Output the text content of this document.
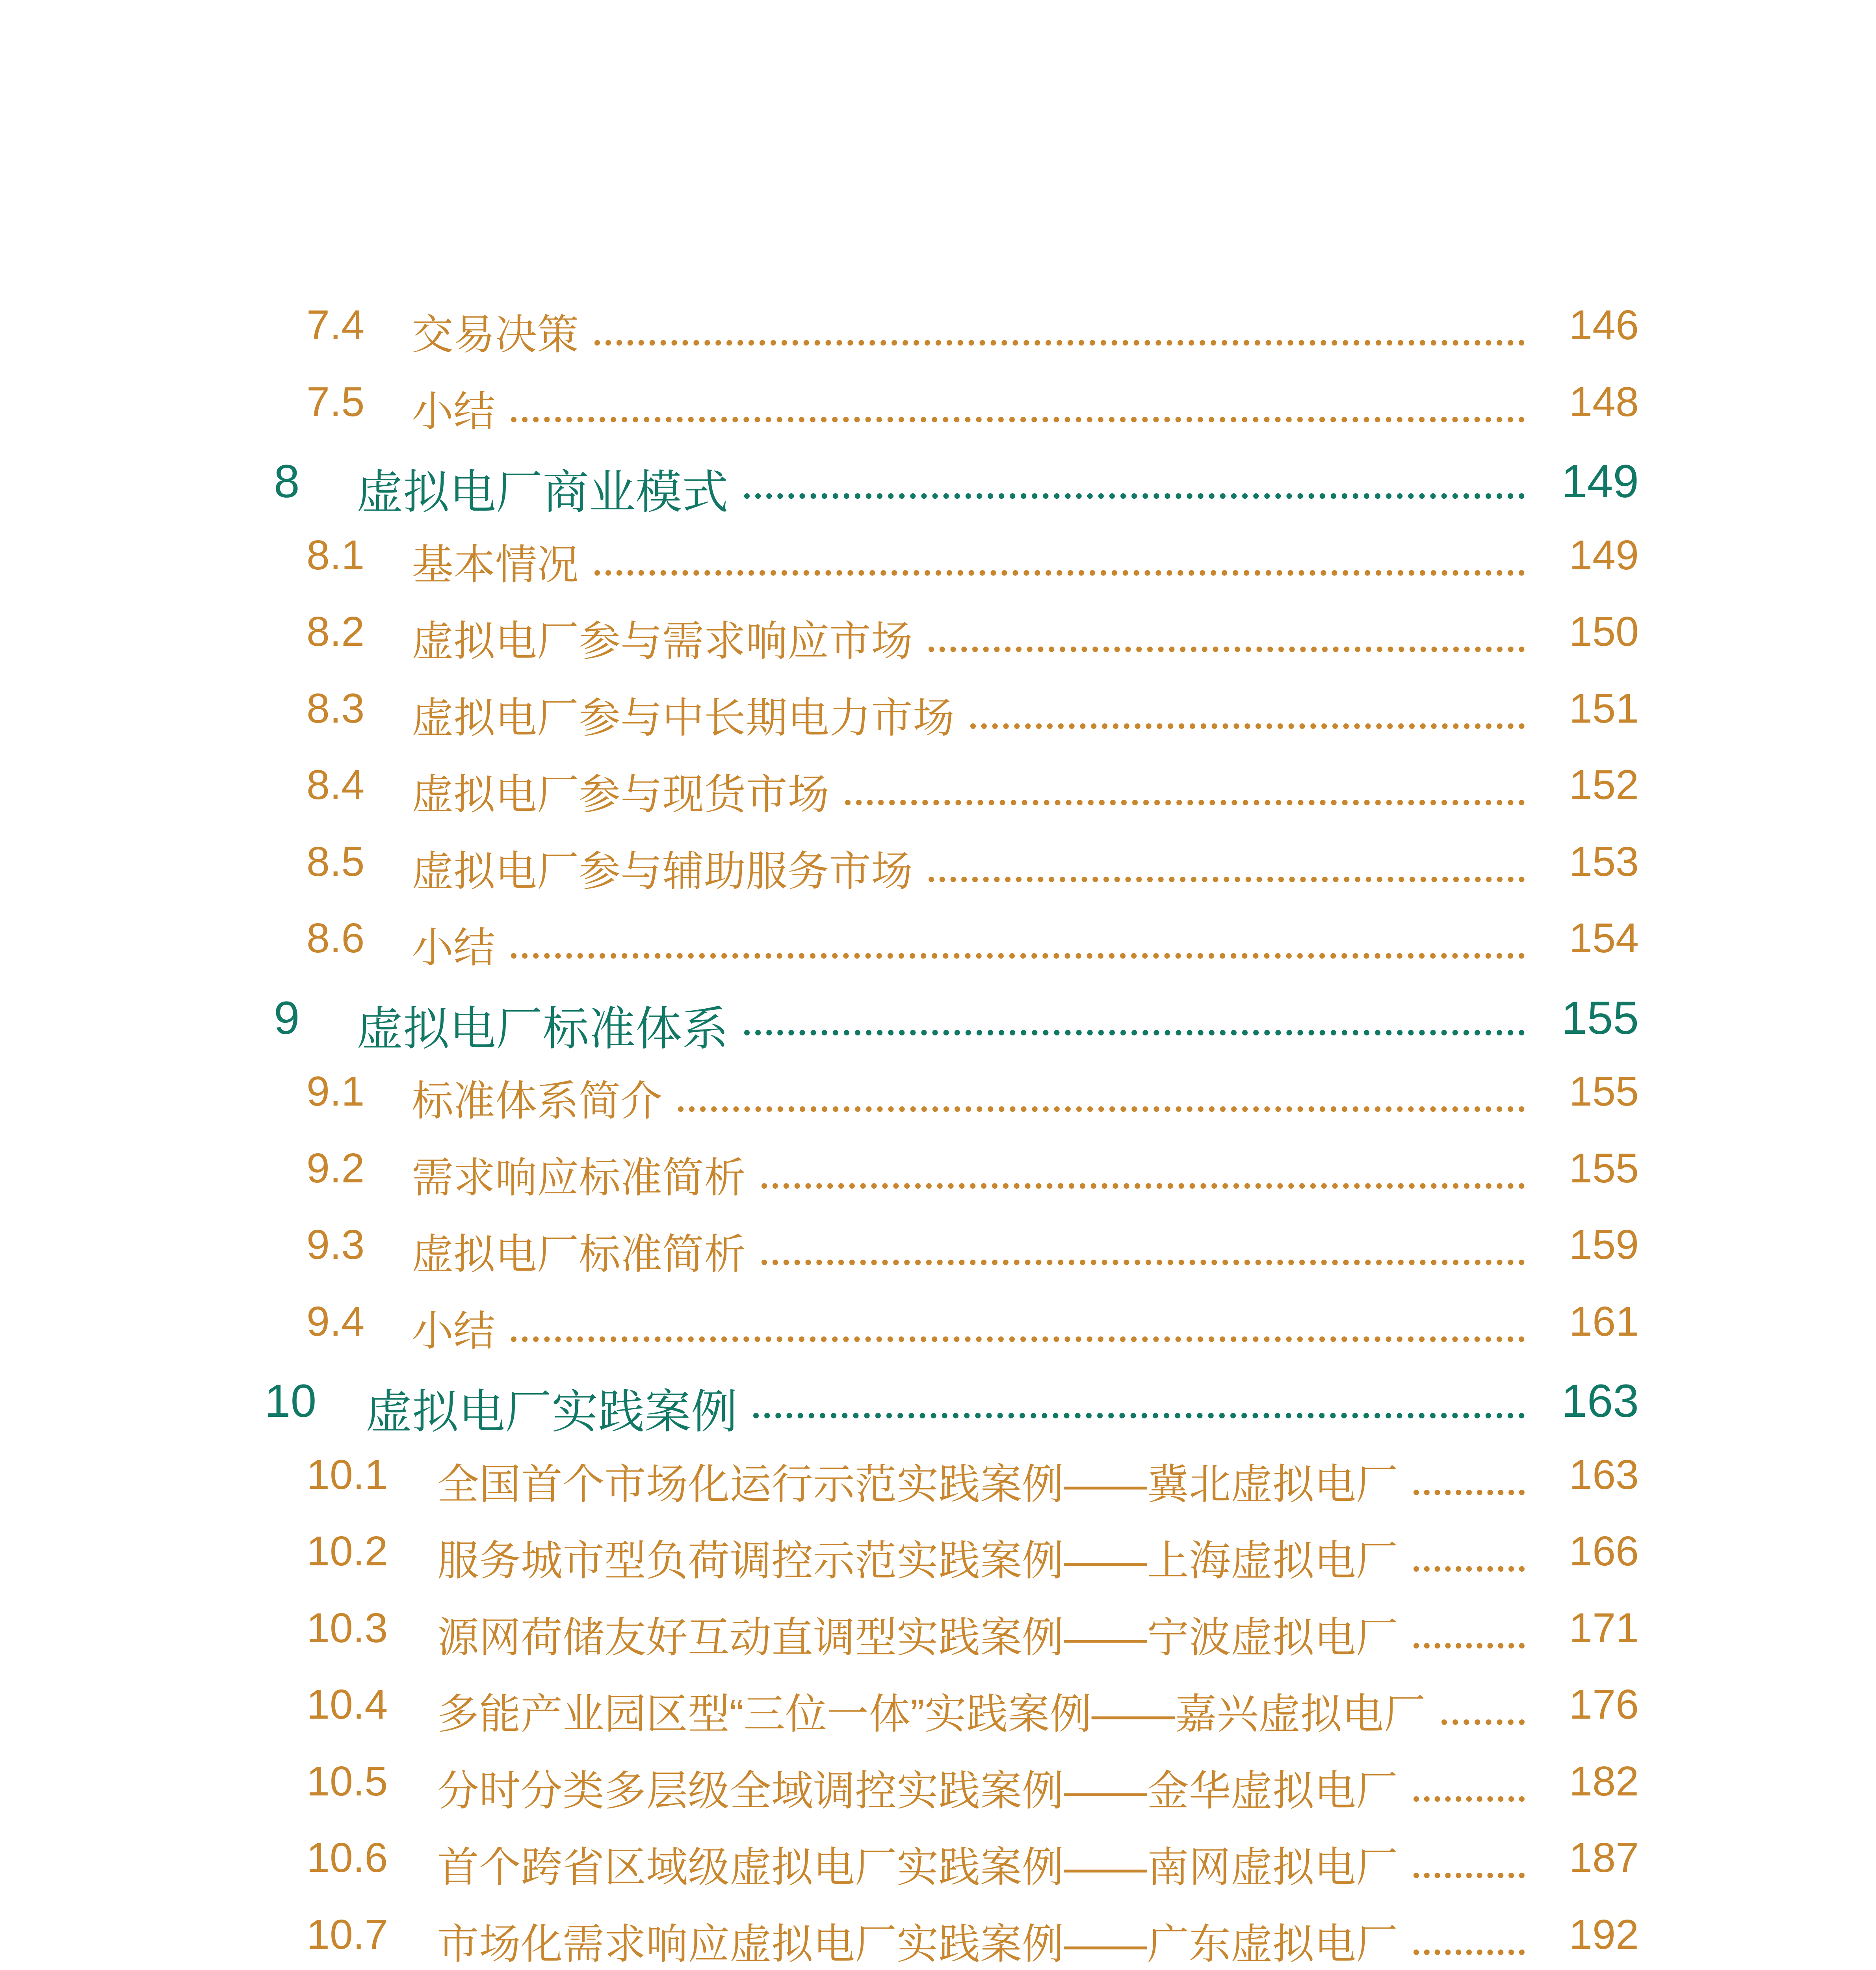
7.4 交易决策	146
7.5 小结	148
8 虚拟电厂商业模式	149
8.1 基本情况	149
8.2 虚拟电厂参与需求响应市场	150
8.3 虚拟电厂参与中长期电力市场	151
8.4 虚拟电厂参与现货市场	152
8.5 虚拟电厂参与辅助服务市场	153
8.6 小结	154
9 虚拟电厂标准体系	155
9.1 标准体系简介	155
9.2 需求响应标准简析	155
9.3 虚拟电厂标准简析	159
9.4 小结	161
10 虚拟电厂实践案例	163
10.1 全国首个市场化运行示范实践案例——冀北虚拟电厂	163
10.2 服务城市型负荷调控示范实践案例——上海虚拟电厂	166
10.3 源网荷储友好互动直调型实践案例——宁波虚拟电厂	171
10.4 多能产业园区型“三位一体”实践案例——嘉兴虚拟电厂	176
10.5 分时分类多层级全域调控实践案例——金华虚拟电厂	182
10.6 首个跨省区域级虚拟电厂实践案例——南网虚拟电厂	187
10.7 市场化需求响应虚拟电厂实践案例——广东虚拟电厂	192
